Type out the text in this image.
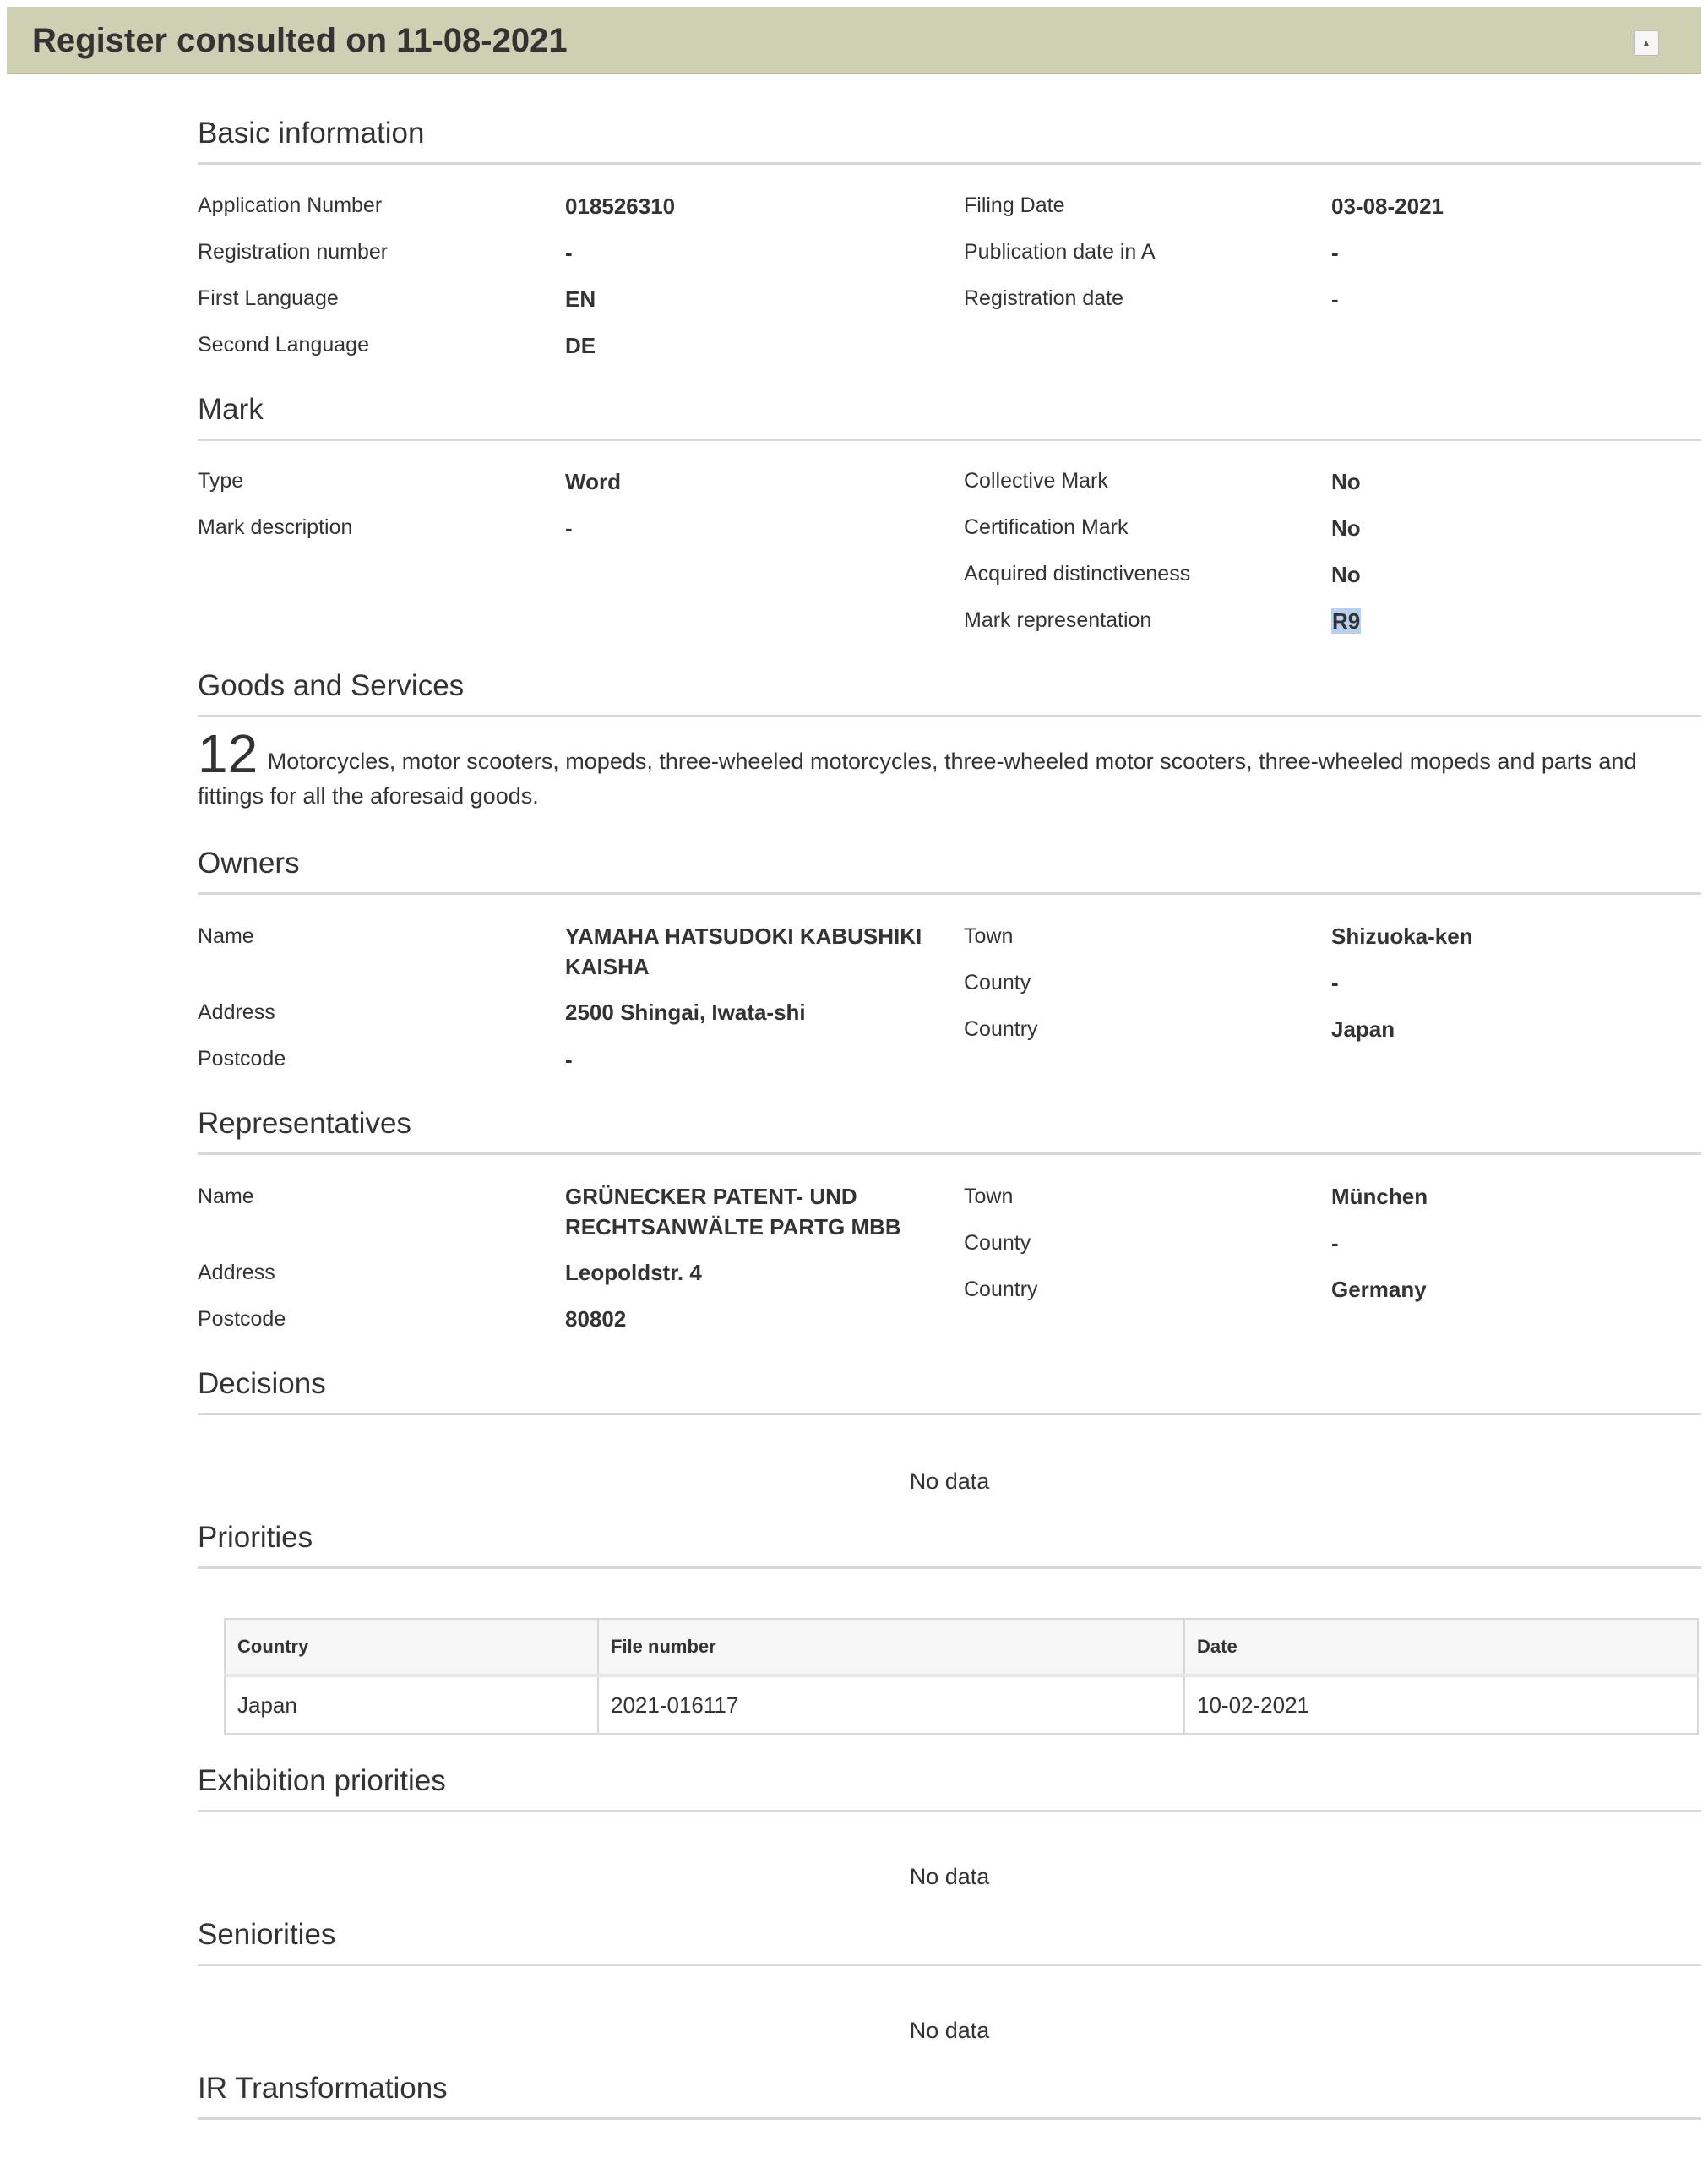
Register consulted on 11-08-2021	▲
Basic information
Application Number	018526310
Registration number	-
First Language	EN
Second Language	DE
Filing Date	03-08-2021
Publication date in A	-
Registration date	-
Mark
Type	Word
Mark description	-
Collective Mark	No
Certification Mark	No
Acquired distinctiveness	No
Mark representation	R9
Goods and Services
12 Motorcycles, motor scooters, mopeds, three-wheeled motorcycles, three-wheeled motor scooters, three-wheeled mopeds and parts and fittings for all the aforesaid goods.
Owners
Name	YAMAHA HATSUDOKI KABUSHIKI KAISHA
Address	2500 Shingai, Iwata-shi
Postcode	-
Town	Shizuoka-ken
County	-
Country	Japan
Representatives
Name	GRÜNECKER PATENT- UND RECHTSANWÄLTE PARTG MBB
Address	Leopoldstr. 4
Postcode	80802
Town	München
County	-
Country	Germany
Decisions
No data
Priorities
Country	File number	Date
Japan	2021-016117	10-02-2021
Exhibition priorities
No data
Seniorities
No data
IR Transformations
